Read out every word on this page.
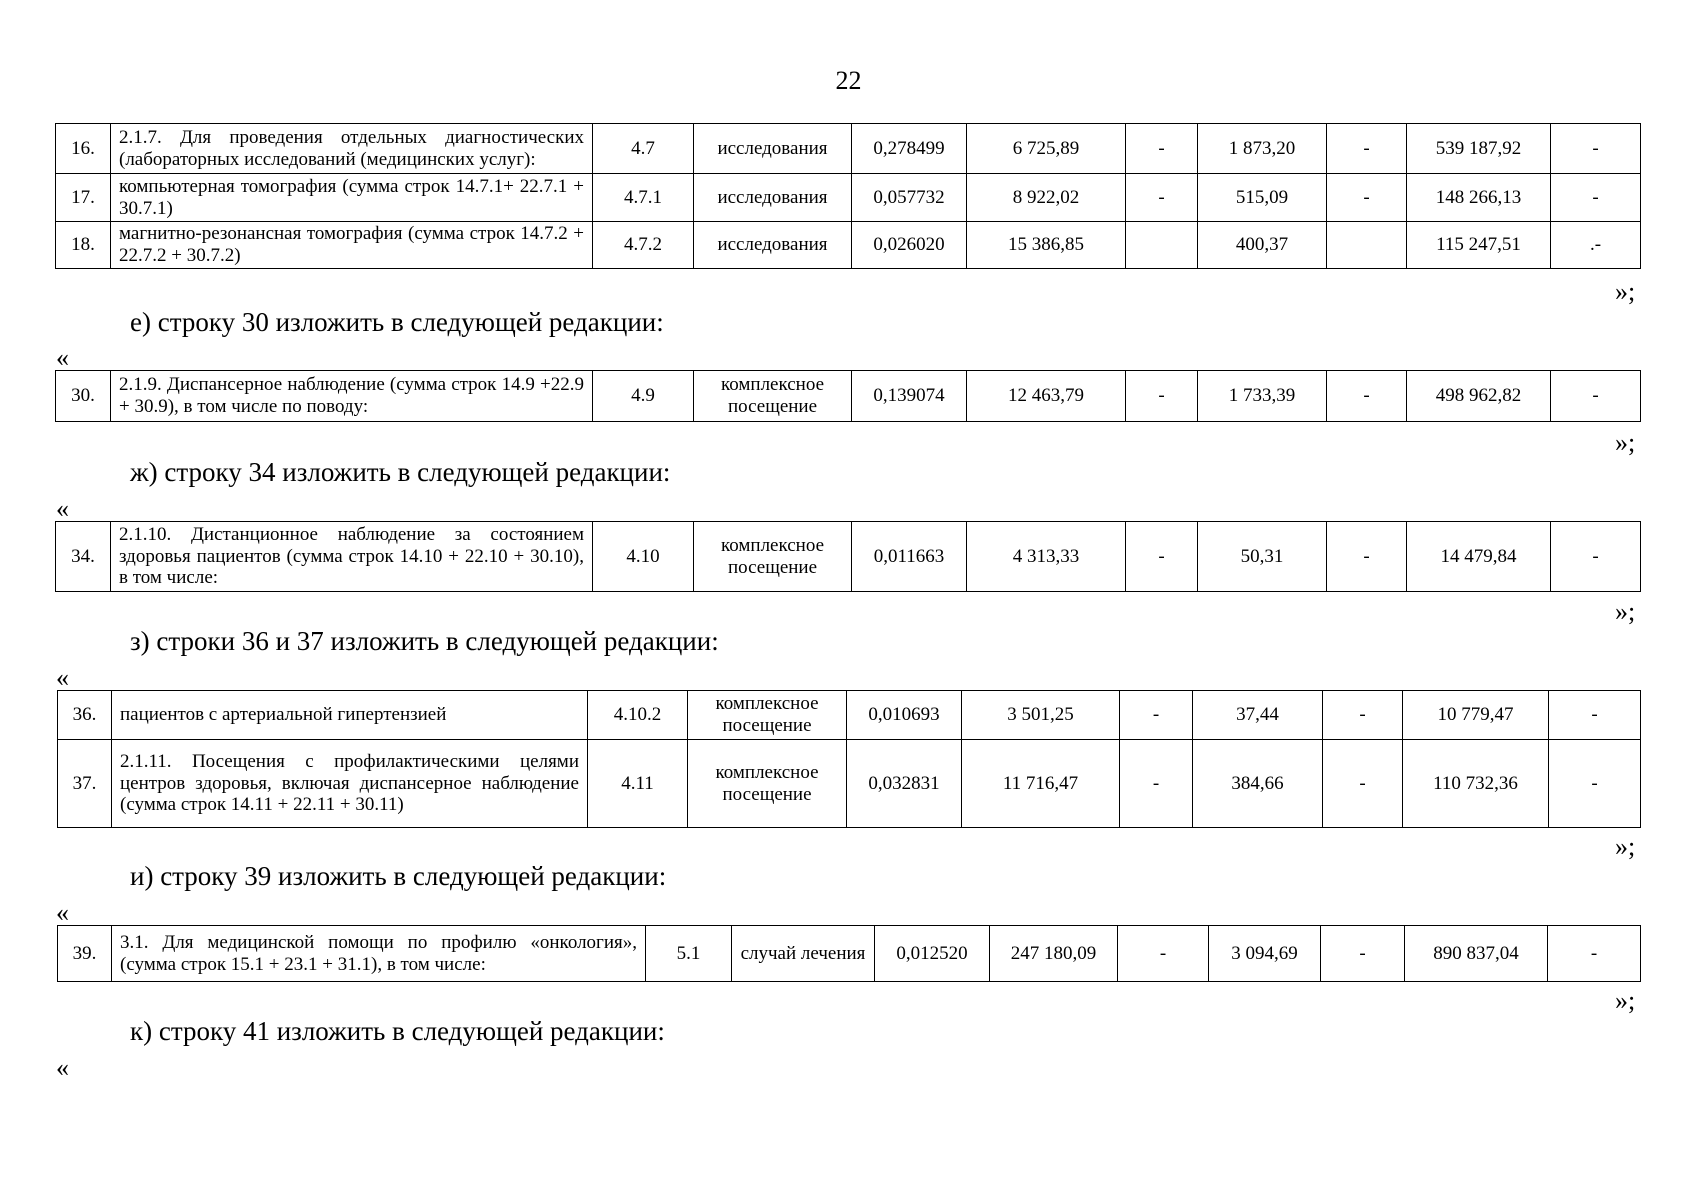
22
16.	2.1.7. Для проведения отдельных диагностических (лабораторных исследований (медицинских услуг):	4.7	исследования	0,278499	6 725,89	-	1 873,20	-	539 187,92	-
17.	компьютерная томография (сумма строк 14.7.1+ 22.7.1 + 30.7.1)	4.7.1	исследования	0,057732	8 922,02	-	515,09	-	148 266,13	-
18.	магнитно-резонансная томография (сумма строк 14.7.2 + 22.7.2 + 30.7.2)	4.7.2	исследования	0,026020	15 386,85		400,37		115 247,51	.-
»;
е) строку 30 изложить в следующей редакции:
«
30.	2.1.9. Диспансерное наблюдение (сумма строк 14.9 +22.9 + 30.9), в том числе по поводу:	4.9	комплексное посещение	0,139074	12 463,79	-	1 733,39	-	498 962,82	-
»;
ж) строку 34 изложить в следующей редакции:
«
34.	2.1.10. Дистанционное наблюдение за состоянием здоровья пациентов (сумма строк 14.10 + 22.10 + 30.10), в том числе:	4.10	комплексное посещение	0,011663	4 313,33	-	50,31	-	14 479,84	-
»;
з) строки 36 и 37 изложить в следующей редакции:
«
36.	пациентов с артериальной гипертензией	4.10.2	комплексное посещение	0,010693	3 501,25	-	37,44	-	10 779,47	-
37.	2.1.11. Посещения с профилактическими целями центров здоровья, включая диспансерное наблюдение (сумма строк 14.11 + 22.11 + 30.11)	4.11	комплексное посещение	0,032831	11 716,47	-	384,66	-	110 732,36	-
»;
и) строку 39 изложить в следующей редакции:
«
39.	3.1. Для медицинской помощи по профилю «онкология», (сумма строк 15.1 + 23.1 + 31.1), в том числе:	5.1	случай лечения	0,012520	247 180,09	-	3 094,69	-	890 837,04	-
»;
к) строку 41 изложить в следующей редакции:
«
